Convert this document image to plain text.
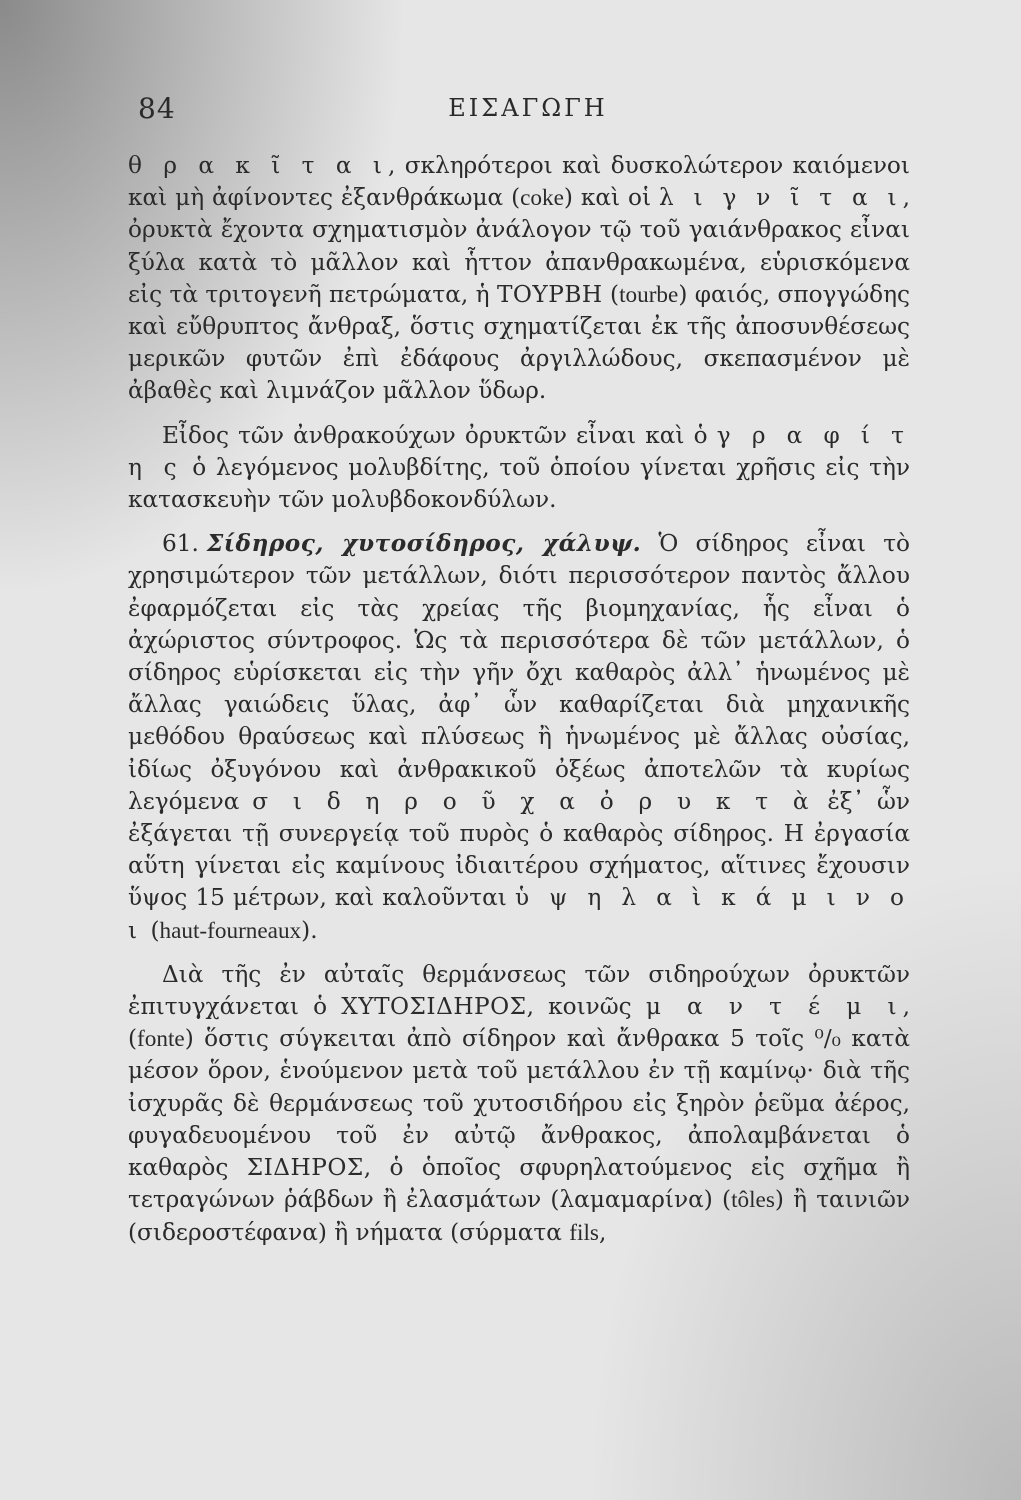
84	ΕΙΣΑΓΩΓΗ

θ ρ α κ ῖ τ α ι, σκληρότεροι καὶ δυσκολώτερον καιόμενοι καὶ μὴ ἀφίνοντες ἐξανθράκωμα (coke) καὶ οἱ λ ι γ ν ῖ τ α ι, ὀρυκτὰ ἔχοντα σχηματισμὸν ἀνάλογον τῷ τοῦ γαιάνθρακος εἶναι ξύλα κατὰ τὸ μᾶλλον καὶ ἧττον ἀπανθρακωμένα, εὑρισκόμενα εἰς τὰ τριτογενῆ πετρώματα, ἡ ΤΟΥΡΒΗ (tourbe) φαιός, σπογγώδης καὶ εὔθρυπτος ἄνθραξ, ὅστις σχηματίζεται ἐκ τῆς ἀποσυνθέσεως μερικῶν φυτῶν ἐπὶ ἐδάφους ἀργιλλώδους, σκεπασμένον μὲ ἀβαθὲς καὶ λιμνάζον μᾶλλον ὕδωρ.

Εἶδος τῶν ἀνθρακούχων ὀρυκτῶν εἶναι καὶ ὁ γ ρ α φ ί τ η ς ὁ λεγόμενος μολυβδίτης, τοῦ ὁποίου γίνεται χρῆσις εἰς τὴν κατασκευὴν τῶν μολυβδοκονδύλων.

61. Σίδηρος, χυτοσίδηρος, χάλυψ. Ὁ σίδηρος εἶναι τὸ χρησιμώτερον τῶν μετάλλων, διότι περισσότερον παντὸς ἄλλου ἐφαρμόζεται εἰς τὰς χρείας τῆς βιομηχανίας, ἧς εἶναι ὁ ἀχώριστος σύντροφος. Ὡς τὰ περισσότερα δὲ τῶν μετάλλων, ὁ σίδηρος εὑρίσκεται εἰς τὴν γῆν ὄχι καθαρὸς ἀλλ᾽ ἡνωμένος μὲ ἄλλας γαιώδεις ὕλας, ἀφ᾽ ὧν καθαρίζεται διὰ μηχανικῆς μεθόδου θραύσεως καὶ πλύσεως ἢ ἡνωμένος μὲ ἄλλας οὐσίας, ἰδίως ὀξυγόνου καὶ ἀνθρακικοῦ ὀξέως ἀποτελῶν τὰ κυρίως λεγόμενα σ ι δ η ρ ο ῦ χ α ὀ ρ υ κ τ ὰ ἐξ᾽ ὧν ἐξάγεται τῇ συνεργείᾳ τοῦ πυρὸς ὁ καθαρὸς σίδηρος. Η ἐργασία αὕτη γίνεται εἰς καμίνους ἰδιαιτέρου σχήματος, αἵτινες ἔχουσιν ὕψος 15 μέτρων, καὶ καλοῦνται ὑ ψ η λ α ὶ κ ά μ ι ν ο ι (haut-fourneaux).

Διὰ τῆς ἐν αὐταῖς θερμάνσεως τῶν σιδηρούχων ὀρυκτῶν ἐπιτυγχάνεται ὁ ΧΥΤΟΣΙΔΗΡΟΣ, κοινῶς μ α ν τ έ μ ι, (fonte) ὅστις σύγκειται ἀπὸ σίδηρον καὶ ἄνθρακα 5 τοῖς ⁰/₀ κατὰ μέσον ὅρον, ἑνούμενον μετὰ τοῦ μετάλλου ἐν τῇ καμίνῳ· διὰ τῆς ἰσχυρᾶς δὲ θερμάνσεως τοῦ χυτοσιδήρου εἰς ξηρὸν ῥεῦμα ἀέρος, φυγαδευομένου τοῦ ἐν αὐτῷ ἄνθρακος, ἀπολαμβάνεται ὁ καθαρὸς ΣΙΔΗΡΟΣ, ὁ ὁποῖος σφυρηλατούμενος εἰς σχῆμα ἢ τετραγώνων ῥάβδων ἢ ἐλασμάτων (λαμαμαρίνα) (tôles) ἢ ταινιῶν (σιδεροστέφανα) ἢ νήματα (σύρματα fils,
